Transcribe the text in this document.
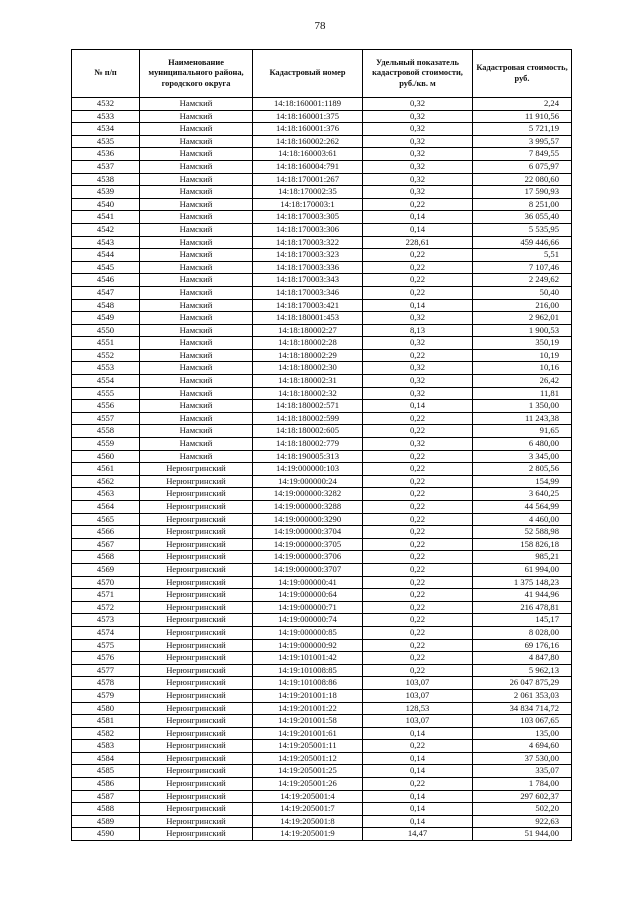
78
№ п/п	Наименование муниципального района, городского округа	Кадастровый номер	Удельный показатель кадастровой стоимости, руб./кв. м	Кадастровая стоимость, руб.
4532	Намский	14:18:160001:1189	0,32	2,24
4533	Намский	14:18:160001:375	0,32	11 910,56
4534	Намский	14:18:160001:376	0,32	5 721,19
4535	Намский	14:18:160002:262	0,32	3 995,57
4536	Намский	14:18:160003:61	0,32	7 849,55
4537	Намский	14:18:160004:791	0,32	6 075,97
4538	Намский	14:18:170001:267	0,32	22 080,60
4539	Намский	14:18:170002:35	0,32	17 590,93
4540	Намский	14:18:170003:1	0,22	8 251,00
4541	Намский	14:18:170003:305	0,14	36 055,40
4542	Намский	14:18:170003:306	0,14	5 535,95
4543	Намский	14:18:170003:322	228,61	459 446,66
4544	Намский	14:18:170003:323	0,22	5,51
4545	Намский	14:18:170003:336	0,22	7 107,46
4546	Намский	14:18:170003:343	0,22	2 249,62
4547	Намский	14:18:170003:346	0,22	50,40
4548	Намский	14:18:170003:421	0,14	216,00
4549	Намский	14:18:180001:453	0,32	2 962,01
4550	Намский	14:18:180002:27	8,13	1 900,53
4551	Намский	14:18:180002:28	0,32	350,19
4552	Намский	14:18:180002:29	0,22	10,19
4553	Намский	14:18:180002:30	0,32	10,16
4554	Намский	14:18:180002:31	0,32	26,42
4555	Намский	14:18:180002:32	0,32	11,81
4556	Намский	14:18:180002:571	0,14	1 350,00
4557	Намский	14:18:180002:599	0,22	11 243,38
4558	Намский	14:18:180002:605	0,22	91,65
4559	Намский	14:18:180002:779	0,32	6 480,00
4560	Намский	14:18:190005:313	0,22	3 345,00
4561	Нерюнгринский	14:19:000000:103	0,22	2 805,56
4562	Нерюнгринский	14:19:000000:24	0,22	154,99
4563	Нерюнгринский	14:19:000000:3282	0,22	3 640,25
4564	Нерюнгринский	14:19:000000:3288	0,22	44 564,99
4565	Нерюнгринский	14:19:000000:3290	0,22	4 460,00
4566	Нерюнгринский	14:19:000000:3704	0,22	52 588,98
4567	Нерюнгринский	14:19:000000:3705	0,22	158 826,18
4568	Нерюнгринский	14:19:000000:3706	0,22	985,21
4569	Нерюнгринский	14:19:000000:3707	0,22	61 994,00
4570	Нерюнгринский	14:19:000000:41	0,22	1 375 148,23
4571	Нерюнгринский	14:19:000000:64	0,22	41 944,96
4572	Нерюнгринский	14:19:000000:71	0,22	216 478,81
4573	Нерюнгринский	14:19:000000:74	0,22	145,17
4574	Нерюнгринский	14:19:000000:85	0,22	8 028,00
4575	Нерюнгринский	14:19:000000:92	0,22	69 176,16
4576	Нерюнгринский	14:19:101001:42	0,22	4 847,80
4577	Нерюнгринский	14:19:101008:85	0,22	5 962,13
4578	Нерюнгринский	14:19:101008:86	103,07	26 047 875,29
4579	Нерюнгринский	14:19:201001:18	103,07	2 061 353,03
4580	Нерюнгринский	14:19:201001:22	128,53	34 834 714,72
4581	Нерюнгринский	14:19:201001:58	103,07	103 067,65
4582	Нерюнгринский	14:19:201001:61	0,14	135,00
4583	Нерюнгринский	14:19:205001:11	0,22	4 694,60
4584	Нерюнгринский	14:19:205001:12	0,14	37 530,00
4585	Нерюнгринский	14:19:205001:25	0,14	335,07
4586	Нерюнгринский	14:19:205001:26	0,22	1 784,00
4587	Нерюнгринский	14:19:205001:4	0,14	297 602,37
4588	Нерюнгринский	14:19:205001:7	0,14	502,20
4589	Нерюнгринский	14:19:205001:8	0,14	922,63
4590	Нерюнгринский	14:19:205001:9	14,47	51 944,00
